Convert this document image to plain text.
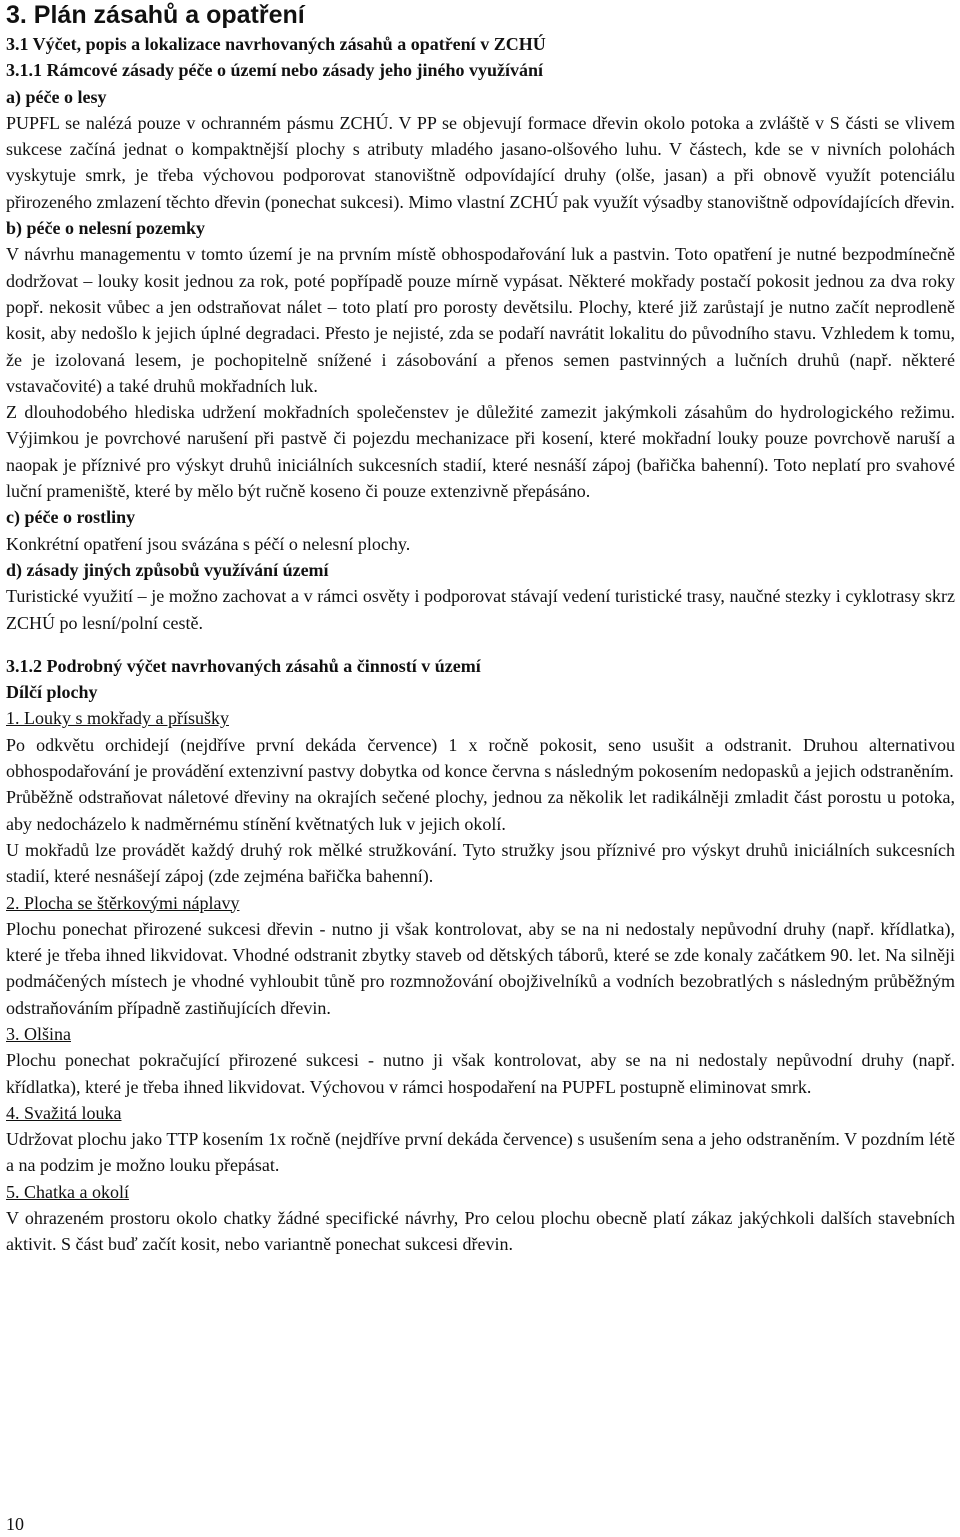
3. Plán zásahů a opatření

3.1 Výčet, popis a lokalizace navrhovaných zásahů a opatření v ZCHÚ

3.1.1 Rámcové zásady péče o území nebo zásady jeho jiného využívání

a) péče o lesy

PUPFL se nalézá pouze v ochranném pásmu ZCHÚ. V PP se objevují formace dřevin okolo potoka a zvláště v S části se vlivem sukcese začíná jednat o kompaktnější plochy s atributy mladého jasano-olšového luhu. V částech, kde se v nivních polohách vyskytuje smrk, je třeba výchovou podporovat stanovištně odpovídající druhy (olše, jasan) a při obnově využít potenciálu přirozeného zmlazení těchto dřevin (ponechat sukcesi). Mimo vlastní ZCHÚ pak využít výsadby stanovištně odpovídajících dřevin.

b) péče o nelesní pozemky

V návrhu managementu v tomto území je na prvním místě obhospodařování luk a pastvin. Toto opatření je nutné bezpodmínečně dodržovat – louky kosit jednou za rok, poté popřípadě pouze mírně vypásat. Některé mokřady postačí pokosit jednou za dva roky popř. nekosit vůbec a jen odstraňovat nálet – toto platí pro porosty devětsilu. Plochy, které již zarůstají je nutno začít neprodleně kosit, aby nedošlo k jejich úplné degradaci. Přesto je nejisté, zda se podaří navrátit lokalitu do původního stavu. Vzhledem k tomu, že je izolovaná lesem, je pochopitelně snížené i zásobování a přenos semen pastvinných a lučních druhů (např. některé vstavačovité) a také druhů mokřadních luk.

Z dlouhodobého hlediska udržení mokřadních společenstev je důležité zamezit jakýmkoli zásahům do hydrologického režimu. Výjimkou je povrchové narušení při pastvě či pojezdu mechanizace při kosení, které mokřadní louky pouze povrchově naruší a naopak je příznivé pro výskyt druhů iniciálních sukcesních stadií, které nesnáší zápoj (bařička bahenní). Toto neplatí pro svahové luční prameniště, které by mělo být ručně koseno či pouze extenzivně přepásáno.

c) péče o rostliny

Konkrétní opatření jsou svázána s péčí o nelesní plochy.

d) zásady jiných způsobů využívání území

Turistické využití – je možno zachovat a v rámci osvěty i podporovat stávají vedení turistické trasy, naučné stezky i cyklotrasy skrz ZCHÚ po lesní/polní cestě.

3.1.2 Podrobný výčet navrhovaných zásahů a činností v území

Dílčí plochy

1. Louky s mokřady a přísušky

Po odkvětu orchidejí (nejdříve první dekáda července) 1 x ročně pokosit, seno usušit a odstranit. Druhou alternativou obhospodařování je provádění extenzivní pastvy dobytka od konce června s následným pokosením nedopasků a jejich odstraněním.

Průběžně odstraňovat náletové dřeviny na okrajích sečené plochy, jednou za několik let radikálněji zmladit část porostu u potoka, aby nedocházelo k nadměrnému stínění květnatých luk v jejich okolí.

U mokřadů lze provádět každý druhý rok mělké stružkování. Tyto stružky jsou příznivé pro výskyt druhů iniciálních sukcesních stadií, které nesnášejí zápoj (zde zejména bařička bahenní).

2. Plocha se štěrkovými náplavy

Plochu ponechat přirozené sukcesi dřevin - nutno ji však kontrolovat, aby se na ni nedostaly nepůvodní druhy (např. křídlatka), které je třeba ihned likvidovat. Vhodné odstranit zbytky staveb od dětských táborů, které se zde konaly začátkem 90. let. Na silněji podmáčených místech je vhodné vyhloubit tůně pro rozmnožování obojživelníků a vodních bezobratlých s následným průběžným odstraňováním případně zastiňujících dřevin.

3. Olšina

Plochu ponechat pokračující přirozené sukcesi - nutno ji však kontrolovat, aby se na ni nedostaly nepůvodní druhy (např. křídlatka), které je třeba ihned likvidovat. Výchovou v rámci hospodaření na PUPFL postupně eliminovat smrk.

4. Svažitá louka

Udržovat plochu jako TTP kosením 1x ročně (nejdříve první dekáda července) s usušením sena a jeho odstraněním. V pozdním létě a na podzim je možno louku přepásat.

5. Chatka a okolí

V ohrazeném prostoru okolo chatky žádné specifické návrhy, Pro celou plochu obecně platí zákaz jakýchkoli dalších stavebních aktivit. S část buď začít kosit, nebo variantně ponechat sukcesi dřevin.

10
